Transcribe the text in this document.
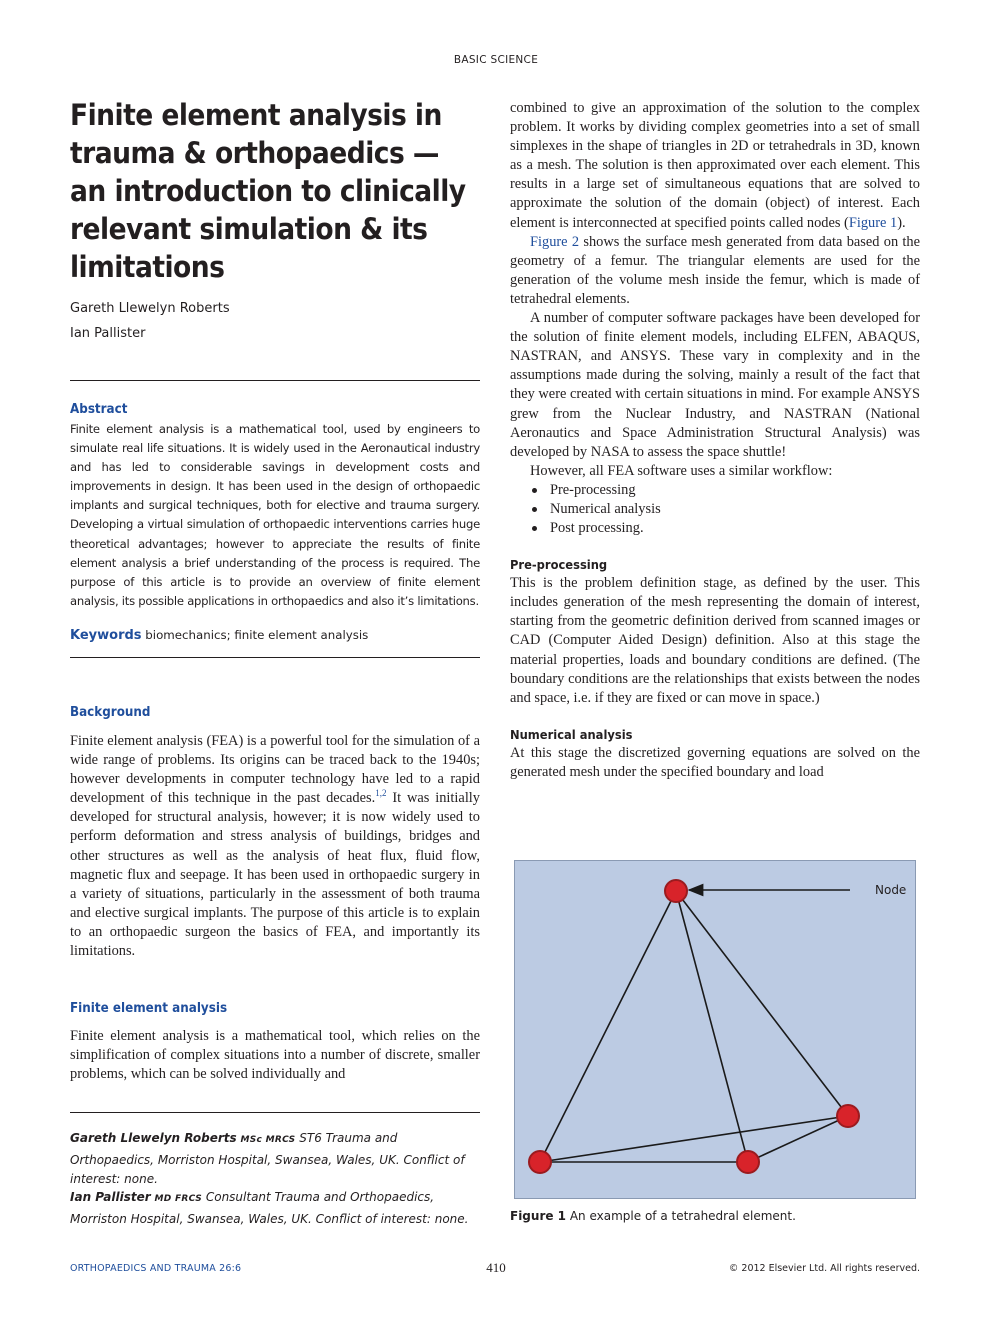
BASIC SCIENCE
Finite element analysis in trauma & orthopaedics — an introduction to clinically relevant simulation & its limitations

Gareth Llewelyn Roberts

Ian Pallister

Abstract

Finite element analysis is a mathematical tool, used by engineers to simulate real life situations. It is widely used in the Aeronautical industry and has led to considerable savings in development costs and improvements in design. It has been used in the design of orthopaedic implants and surgical techniques, both for elective and trauma surgery. Developing a virtual simulation of orthopaedic interventions carries huge theoretical advantages; however to appreciate the results of finite element analysis a brief understanding of the process is required. The purpose of this article is to provide an overview of finite element analysis, its possible applications in orthopaedics and also it’s limitations.

Keywords biomechanics; finite element analysis
Background

Finite element analysis (FEA) is a powerful tool for the simulation of a wide range of problems. Its origins can be traced back to the 1940s; however developments in computer technology have led to a rapid development of this technique in the past decades.$^{1,2}$ It was initially developed for structural analysis, however; it is now widely used to perform deformation and stress analysis of buildings, bridges and other structures as well as the analysis of heat flux, fluid flow, magnetic flux and seepage. It has been used in orthopaedic surgery in a variety of situations, particularly in the assessment of both trauma and elective surgical implants. The purpose of this article is to explain to an orthopaedic surgeon the basics of FEA, and importantly its limitations.

Finite element analysis

Finite element analysis is a mathematical tool, which relies on the simplification of complex situations into a number of discrete, smaller problems, which can be solved individually and

Gareth Llewelyn Roberts MSc MRCS ST6 Trauma and Orthopaedics, Morriston Hospital, Swansea, Wales, UK. Conflict of interest: none.
Ian Pallister MD FRCS Consultant Trauma and Orthopaedics, Morriston Hospital, Swansea, Wales, UK. Conflict of interest: none.

combined to give an approximation of the solution to the complex problem. It works by dividing complex geometries into a set of small simplexes in the shape of triangles in 2D or tetrahedrals in 3D, known as a mesh. The solution is then approximated over each element. This results in a large set of simultaneous equations that are solved to approximate the solution of the domain (object) of interest. Each element is interconnected at specified points called nodes (Figure 1).

Figure 2 shows the surface mesh generated from data based on the geometry of a femur. The triangular elements are used for the generation of the volume mesh inside the femur, which is made of tetrahedral elements.

A number of computer software packages have been developed for the solution of finite element models, including ELFEN, ABAQUS, NASTRAN, and ANSYS. These vary in complexity and in the assumptions made during the solving, mainly a result of the fact that they were created with certain situations in mind. For example ANSYS grew from the Nuclear Industry, and NASTRAN (National Aeronautics and Space Administration Structural Analysis) was developed by NASA to assess the space shuttle!

However, all FEA software uses a similar workflow:

Pre-processing
Numerical analysis
Post processing.
Pre-processing

This is the problem definition stage, as defined by the user. This includes generation of the mesh representing the domain of interest, starting from the geometric definition derived from scanned images or CAD (Computer Aided Design) definition. Also at this stage the material properties, loads and boundary conditions are defined. (The boundary conditions are the relationships that exists between the nodes and space, i.e. if they are fixed or can move in space.)

Numerical analysis

At this stage the discretized governing equations are solved on the generated mesh under the specified boundary and load

Node
Figure 1 An example of a tetrahedral element.
ORTHOPAEDICS AND TRAUMA 26:6	410	© 2012 Elsevier Ltd. All rights reserved.
